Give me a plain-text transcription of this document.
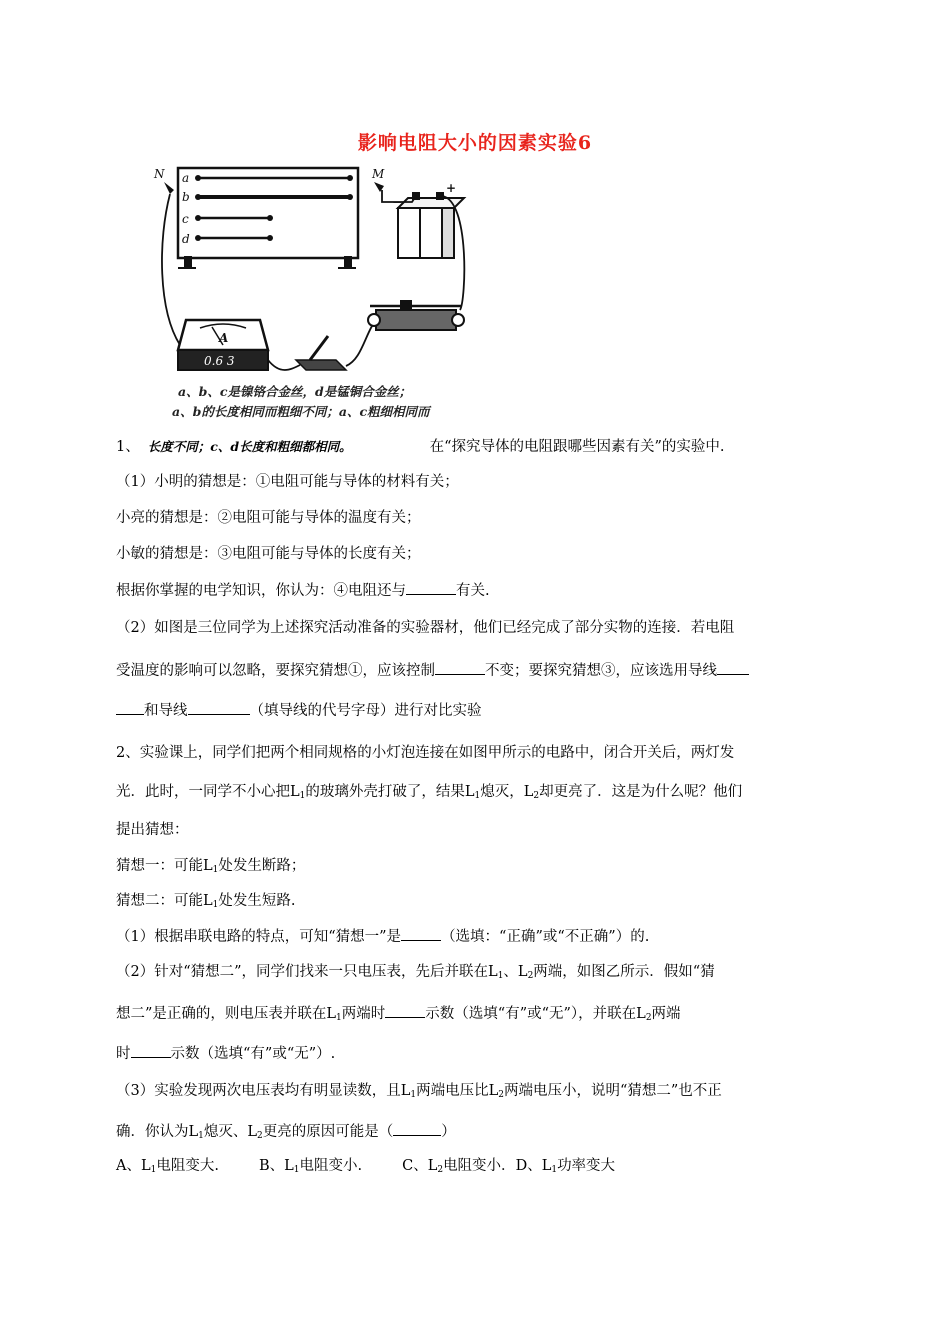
影响电阻大小的因素实验6
a
b
c
d
N	M
−
+
A
0.6 3
a、b、c是镍铬合金丝，d是锰铜合金丝；
a、b的长度相同而粗细不同；a、c粗细相同而
1、 长度不同；c、d长度和粗细都相同。	在“探究导体的电阻跟哪些因素有关”的实验中.
（1）小明的猜想是：①电阻可能与导体的材料有关；
小亮的猜想是：②电阻可能与导体的温度有关；
小敏的猜想是：③电阻可能与导体的长度有关；
根据你掌握的电学知识，你认为：④电阻还与	有关.
（2）如图是三位同学为上述探究活动准备的实验器材，他们已经完成了部分实物的连接．若电阻
受温度的影响可以忽略，要探究猜想①，应该控制	不变；要探究猜想③，应该选用导线
和导线	（填导线的代号字母）进行对比实验
2、实验课上，同学们把两个相同规格的小灯泡连接在如图甲所示的电路中，闭合开关后，两灯发
光．此时，一同学不小心把$L_1$的玻璃外壳打破了，结果$L_1$熄灭，$L_2$却更亮了．这是为什么呢？他们
提出猜想：
猜想一：可能$L_1$处发生断路；
猜想二：可能$L_1$处发生短路.
（1）根据串联电路的特点，可知“猜想一”是	（选填：“正确”或“不正确”）的.
（2）针对“猜想二”，同学们找来一只电压表，先后并联在$L_1$、$L_2$两端，如图乙所示．假如“猜
想二”是正确的，则电压表并联在$L_1$两端时	示数（选填“有”或“无”），并联在$L_2$两端
时	示数（选填“有”或“无”）.
（3）实验发现两次电压表均有明显读数，且$L_1$两端电压比$L_2$两端电压小，说明“猜想二”也不正
确．你认为$L_1$熄灭、$L_2$更亮的原因可能是（	）
A、$L_1$电阻变大.	B、$L_1$电阻变小.	C、$L_2$电阻变小．D、$L_1$功率变大
